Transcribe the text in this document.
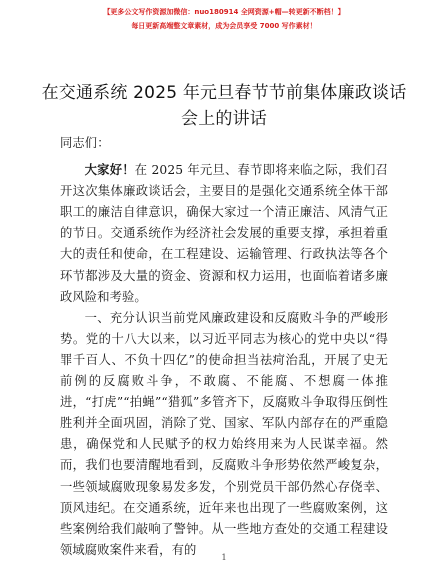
【更多公文写作资源加微信：nuo180914 全网资源+帽—转更新不断档！】
每日更新高端整文章素材，成为会员享受 7000 写作素材！
在交通系统 2025 年元旦春节节前集体廉政谈话会上的讲话

同志们：

大家好！在 2025 年元旦、春节即将来临之际，我们召开这次集体廉政谈话会，主要目的是强化交通系统全体干部职工的廉洁自律意识，确保大家过一个清正廉洁、风清气正的节日。交通系统作为经济社会发展的重要支撑，承担着重大的责任和使命，在工程建设、运输管理、行政执法等各个环节都涉及大量的资金、资源和权力运用，也面临着诸多廉政风险和考验。

一、充分认识当前党风廉政建设和反腐败斗争的严峻形势。党的十八大以来，以习近平同志为核心的党中央以“得罪千百人、不负十四亿”的使命担当祛疴治乱，开展了史无前例的反腐败斗争，不敢腐、不能腐、不想腐一体推进，“打虎”“拍蝇”“猎狐”多管齐下，反腐败斗争取得压倒性胜利并全面巩固，消除了党、国家、军队内部存在的严重隐患，确保党和人民赋予的权力始终用来为人民谋幸福。然而，我们也要清醒地看到，反腐败斗争形势依然严峻复杂，一些领域腐败现象易发多发，个别党员干部仍然心存侥幸、顶风违纪。在交通系统，近年来也出现了一些腐败案例，这些案例给我们敲响了警钟。从一些地方查处的交通工程建设领域腐败案件来看，有的

1
